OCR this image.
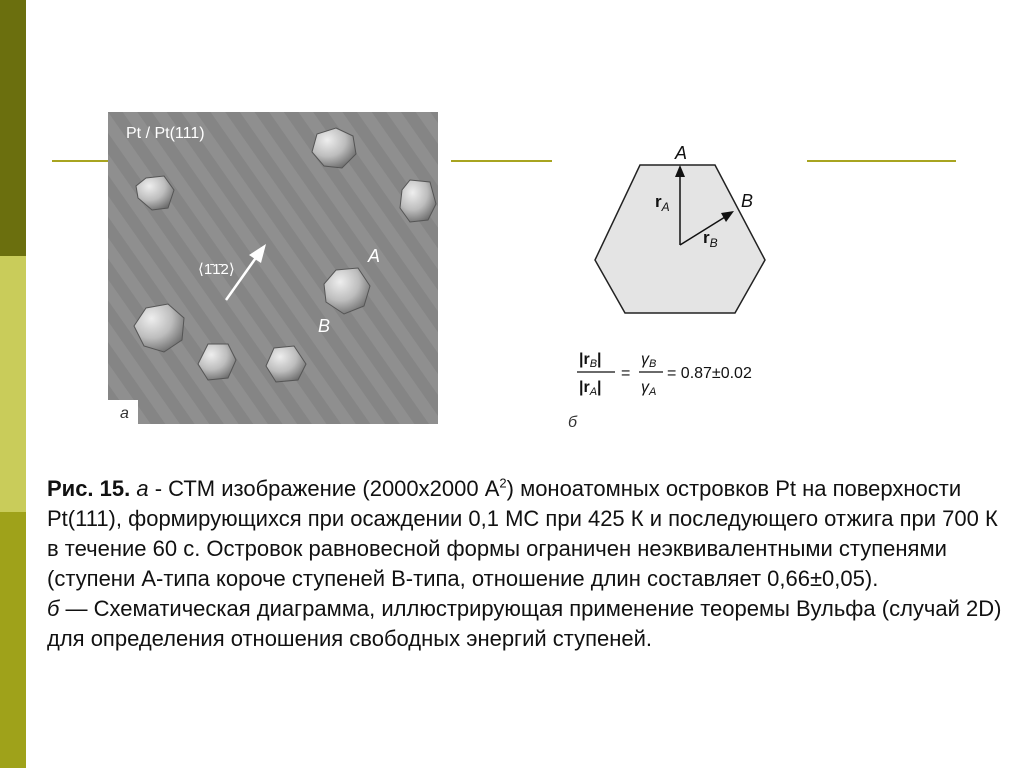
Pt / Pt(111)
⟨1̄1̄2⟩
A
B
a
A
B
$r_A$
$r_B$
|rB|
|rA|
=
γB
γA
= 0.87±0.02
б

Рис. 15. а - СТМ изображение (2000x2000 $А^2$) моноатомных островков Pt на поверхности Pt(111), формирующихся при осаждении 0,1 МС при 425 К и последующего отжига при 700 К в течение 60 с. Островок равновесной формы ограничен неэквивалентными ступенями (ступени А-типа короче ступеней В-типа, отношение длин составляет 0,66±0,05).

б — Схематическая диаграмма, иллюстрирующая применение теоремы Вульфа (случай 2D) для определения отношения свободных энергий ступеней.
